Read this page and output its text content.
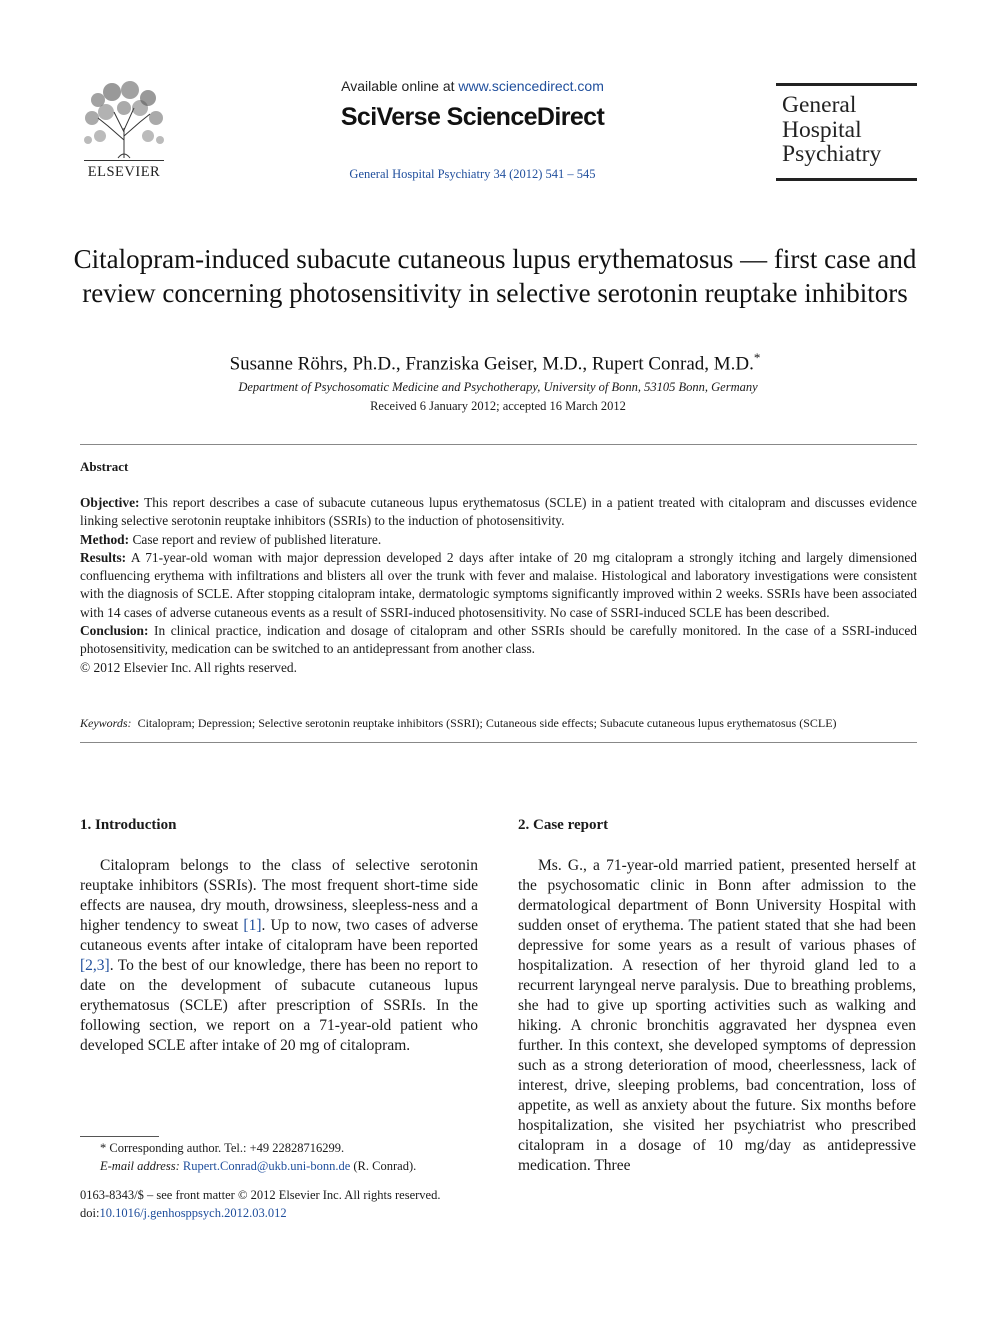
ELSEVIER
Available online at www.sciencedirect.com
SciVerse ScienceDirect
General Hospital Psychiatry 34 (2012) 541 – 545
General
Hospital
Psychiatry
Citalopram-induced subacute cutaneous lupus erythematosus — first case and review concerning photosensitivity in selective serotonin reuptake inhibitors
Susanne Röhrs, Ph.D., Franziska Geiser, M.D., Rupert Conrad, M.D.*
Department of Psychosomatic Medicine and Psychotherapy, University of Bonn, 53105 Bonn, Germany
Received 6 January 2012; accepted 16 March 2012
Abstract

Objective: This report describes a case of subacute cutaneous lupus erythematosus (SCLE) in a patient treated with citalopram and discusses evidence linking selective serotonin reuptake inhibitors (SSRIs) to the induction of photosensitivity.

Method: Case report and review of published literature.

Results: A 71-year-old woman with major depression developed 2 days after intake of 20 mg citalopram a strongly itching and largely dimensioned confluencing erythema with infiltrations and blisters all over the trunk with fever and malaise. Histological and laboratory investigations were consistent with the diagnosis of SCLE. After stopping citalopram intake, dermatologic symptoms significantly improved within 2 weeks. SSRIs have been associated with 14 cases of adverse cutaneous events as a result of SSRI-induced photosensitivity. No case of SSRI-induced SCLE has been described.

Conclusion: In clinical practice, indication and dosage of citalopram and other SSRIs should be carefully monitored. In the case of a SSRI-induced photosensitivity, medication can be switched to an antidepressant from another class.

© 2012 Elsevier Inc. All rights reserved.

Keywords: Citalopram; Depression; Selective serotonin reuptake inhibitors (SSRI); Cutaneous side effects; Subacute cutaneous lupus erythematosus (SCLE)
1. Introduction

Citalopram belongs to the class of selective serotonin reuptake inhibitors (SSRIs). The most frequent short-time side effects are nausea, dry mouth, drowsiness, sleepless-ness and a higher tendency to sweat [1]. Up to now, two cases of adverse cutaneous events after intake of citalopram have been reported [2,3]. To the best of our knowledge, there has been no report to date on the development of subacute cutaneous lupus erythematosus (SCLE) after prescription of SSRIs. In the following section, we report on a 71-year-old patient who developed SCLE after intake of 20 mg of citalopram.

* Corresponding author. Tel.: +49 22828716299.
E-mail address: Rupert.Conrad@ukb.uni-bonn.de (R. Conrad).
0163-8343/$ – see front matter © 2012 Elsevier Inc. All rights reserved.
doi:10.1016/j.genhosppsych.2012.03.012
2. Case report

Ms. G., a 71-year-old married patient, presented herself at the psychosomatic clinic in Bonn after admission to the dermatological department of Bonn University Hospital with sudden onset of erythema. The patient stated that she had been depressive for some years as a result of various phases of hospitalization. A resection of her thyroid gland led to a recurrent laryngeal nerve paralysis. Due to breathing problems, she had to give up sporting activities such as walking and hiking. A chronic bronchitis aggravated her dyspnea even further. In this context, she developed symptoms of depression such as a strong deterioration of mood, cheerlessness, lack of interest, drive, sleeping problems, bad concentration, loss of appetite, as well as anxiety about the future. Six months before hospitalization, she visited her psychiatrist who prescribed citalopram in a dosage of 10 mg/day as antidepressive medication. Three
